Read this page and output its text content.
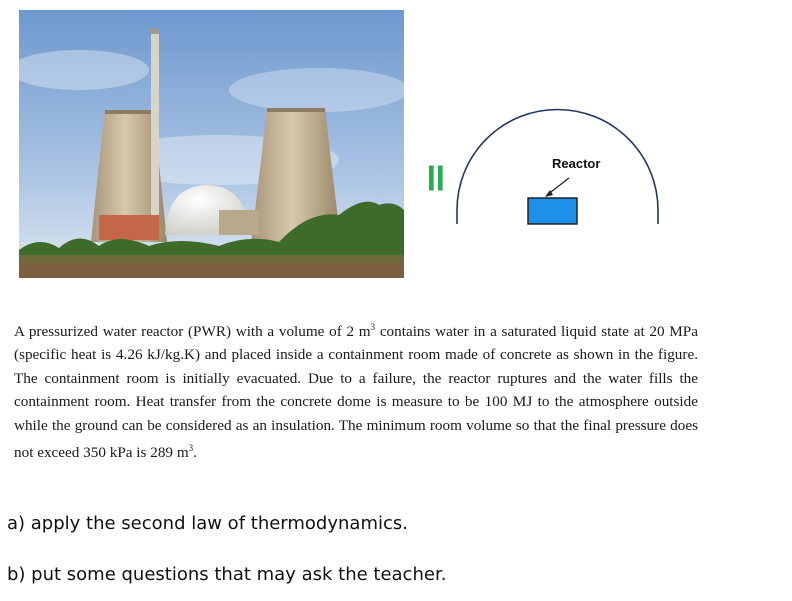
=	Reactor

A pressurized water reactor (PWR) with a volume of 2 $m^3$ contains water in a saturated liquid state at 20 MPa (specific heat is 4.26 kJ/kg.K) and placed inside a containment room made of concrete as shown in the figure. The containment room is initially evacuated. Due to a failure, the reactor ruptures and the water fills the containment room. Heat transfer from the concrete dome is measure to be 100 MJ to the atmosphere outside while the ground can be considered as an insulation. The minimum room volume so that the final pressure does not exceed 350 kPa is 289 $m^3$.

a) apply the second law of thermodynamics.
b) put some questions that may ask the teacher.
